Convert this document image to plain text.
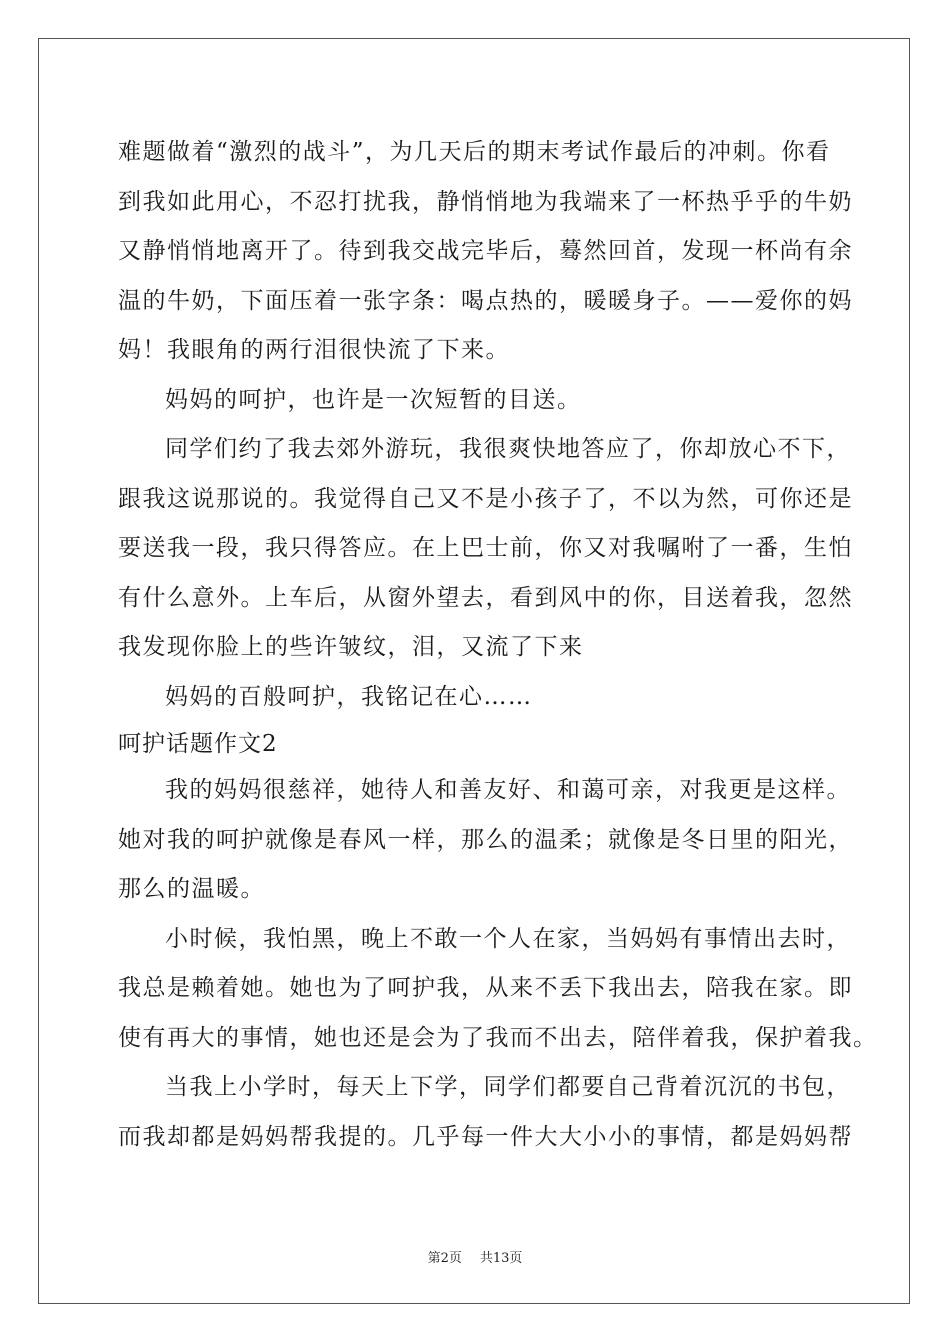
难题做着“激烈的战斗”，为几天后的期末考试作最后的冲刺。你看
到我如此用心，不忍打扰我，静悄悄地为我端来了一杯热乎乎的牛奶
又静悄悄地离开了。待到我交战完毕后，蓦然回首，发现一杯尚有余
温的牛奶，下面压着一张字条：喝点热的，暖暖身子。——爱你的妈
妈！我眼角的两行泪很快流了下来。
妈妈的呵护，也许是一次短暂的目送。
同学们约了我去郊外游玩，我很爽快地答应了，你却放心不下，
跟我这说那说的。我觉得自己又不是小孩子了，不以为然，可你还是
要送我一段，我只得答应。在上巴士前，你又对我嘱咐了一番，生怕
有什么意外。上车后，从窗外望去，看到风中的你，目送着我，忽然
我发现你脸上的些许皱纹，泪，又流了下来
妈妈的百般呵护，我铭记在心……
呵护话题作文2
我的妈妈很慈祥，她待人和善友好、和蔼可亲，对我更是这样。
她对我的呵护就像是春风一样，那么的温柔；就像是冬日里的阳光，
那么的温暖。
小时候，我怕黑，晚上不敢一个人在家，当妈妈有事情出去时，
我总是赖着她。她也为了呵护我，从来不丢下我出去，陪我在家。即
使有再大的事情，她也还是会为了我而不出去，陪伴着我，保护着我。
当我上小学时，每天上下学，同学们都要自己背着沉沉的书包，
而我却都是妈妈帮我提的。几乎每一件大大小小的事情，都是妈妈帮
第2页 共13页
